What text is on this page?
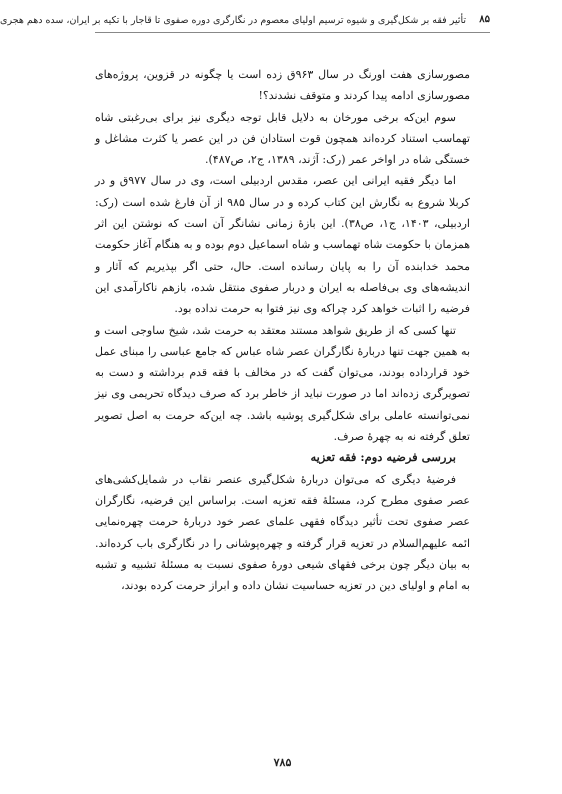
۸۵
تأثیر فقه بر شکل‌گیری و شیوه ترسیم اولیای معصوم در نگارگری دوره صفوی تا قاجار با تکیه بر ایران، سده دهم هجری

مصورسازی هفت اورنگ در سال ۹۶۳ق زده است یا چگونه در قزوین، پروژه‌های مصورسازی ادامه پیدا کردند و متوقف نشدند؟!

سوم این‌که برخی مورخان به دلایل قابل توجه دیگری نیز برای بی‌رغبتی شاه تهماسب استناد کرده‌اند همچون قوت استادان فن در این عصر یا کثرت مشاغل و خستگی شاه در اواخر عمر (رک: آژند، ۱۳۸۹، ج۲، ص۴۸۷).

اما دیگر فقیه ایرانی این عصر، مقدس اردبیلی است، وی در سال ۹۷۷ق و در کربلا شروع به نگارش این کتاب کرده و در سال ۹۸۵ از آن فارغ شده است (رک: اردبیلی، ۱۴۰۳، ج۱، ص۳۸). این بازهٔ زمانی نشانگر آن است که نوشتن این اثر همزمان با حکومت شاه تهماسب و شاه اسماعیل دوم بوده و به هنگام آغاز حکومت محمد خدابنده آن را به پایان رسانده است. حال، حتی اگر بپذیریم که آثار و اندیشه‌های وی بی‌فاصله به ایران و دربار صفوی منتقل شده، بازهم ناکارآمدی این فرضیه را اثبات خواهد کرد چراکه وی نیز فتوا به حرمت نداده بود.

تنها کسی که از طریق شواهد مستند معتقد به حرمت شد، شیخ ساوجی است و به همین جهت تنها دربارهٔ نگارگران عصر شاه عباس که جامع عباسی را مبنای عمل خود قرارداده بودند، می‌توان گفت که در مخالف با فقه قدم برداشته و دست به تصویرگری زده‌اند اما در صورت نباید از خاطر برد که صرف دیدگاه تحریمی وی نیز نمی‌توانسته عاملی برای شکل‌گیری پوشیه باشد. چه این‌که حرمت به اصل تصویر تعلق گرفته نه به چهرهٔ صرف.

بررسی فرضیه دوم: فقه تعزیه

فرضیهٔ دیگری که می‌توان دربارهٔ شکل‌گیری عنصر نقاب در شمایل‌کشی‌های عصر صفوی مطرح کرد، مسئلهٔ فقه تعزیه است. براساس این فرضیه، نگارگران عصر صفوی تحت تأثیر دیدگاه فقهی علمای عصر خود دربارهٔ حرمت چهره‌نمایی ائمه علیهم‌السلام در تعزیه قرار گرفته و چهره‌پوشانی را در نگارگری باب کرده‌اند. به بیان دیگر چون برخی فقهای شیعی دورهٔ صفوی نسبت به مسئلهٔ تشبیه و تشبه به امام و اولیای دین در تعزیه حساسیت نشان داده و ابراز حرمت کرده بودند،

۷۸۵
